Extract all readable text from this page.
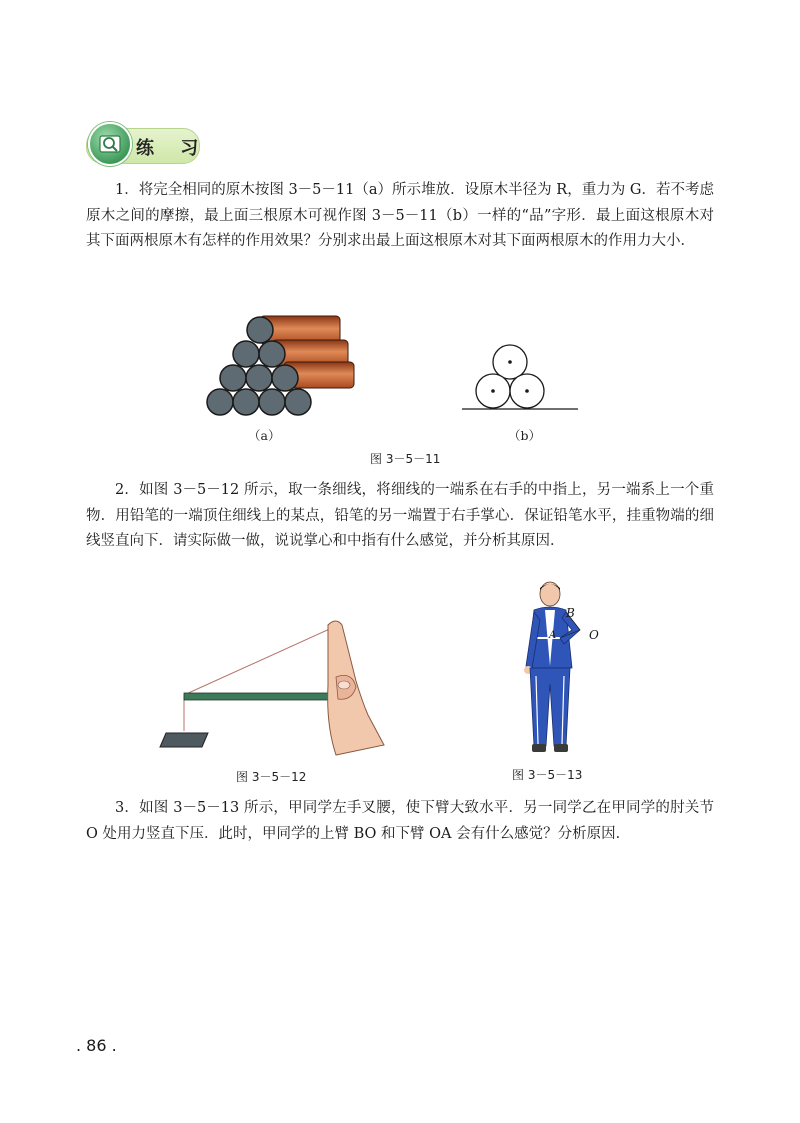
练 习

1．将完全相同的原木按图 3－5－11（a）所示堆放．设原木半径为 R，重力为 G．若不考虑原木之间的摩擦，最上面三根原木可视作图 3－5－11（b）一样的“品”字形．最上面这根原木对其下面两根原木有怎样的作用效果？分别求出最上面这根原木对其下面两根原木的作用力大小．

（a）	（b）
图 3－5－11

2．如图 3－5－12 所示，取一条细线，将细线的一端系在右手的中指上，另一端系上一个重物．用铅笔的一端顶住细线上的某点，铅笔的另一端置于右手掌心．保证铅笔水平，挂重物端的细线竖直向下．请实际做一做，说说掌心和中指有什么感觉，并分析其原因．

图 3－5－12
B
A	O
图 3－5－13

3．如图 3－5－13 所示，甲同学左手叉腰，使下臂大致水平．另一同学乙在甲同学的肘关节 O 处用力竖直下压．此时，甲同学的上臂 BO 和下臂 OA 会有什么感觉？分析原因．

. 86 .
